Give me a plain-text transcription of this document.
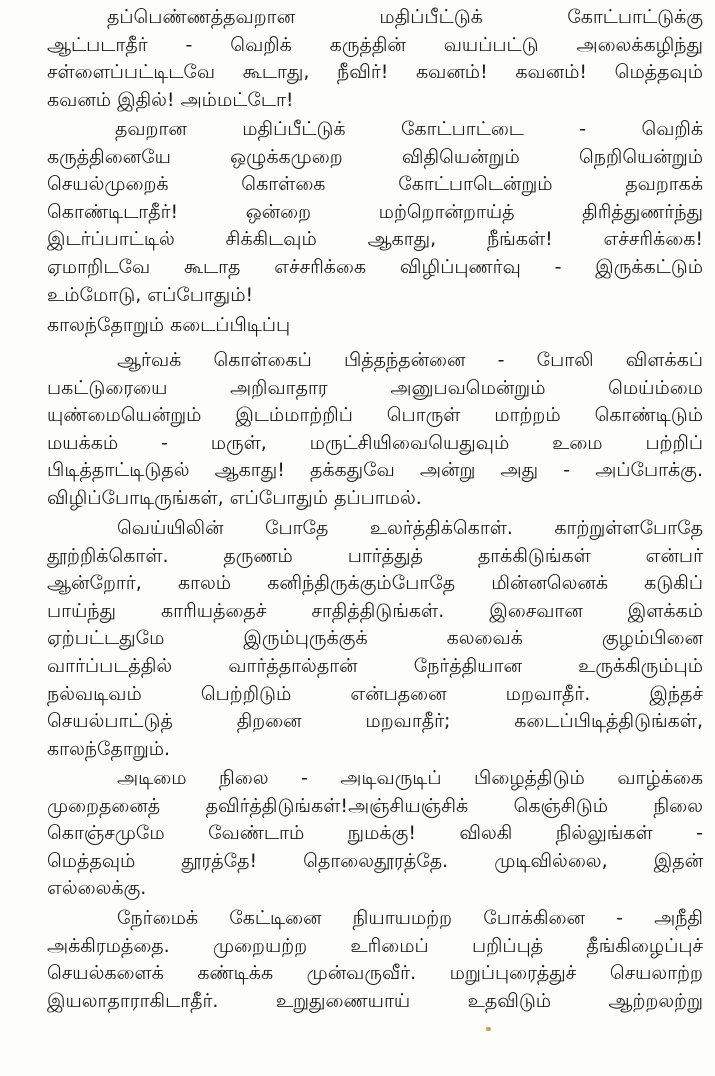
தப்பெண்ணத்தவறான மதிப்பீட்டுக் கோட்பாட்டுக்கு
ஆட்படாதீர் - வெறிக் கருத்தின் வயப்பட்டு அலைக்கழிந்து
சள்ளைப்பட்டிடவே கூடாது, நீவிர்! கவனம்! கவனம்! மெத்தவும்
கவனம் இதில்! அம்மட்டோ!
தவறான மதிப்பீட்டுக் கோட்பாட்டை - வெறிக்
கருத்தினையே ஒழுக்கமுறை விதியென்றும் நெறியென்றும்
செயல்முறைக் கொள்கை கோட்பாடென்றும் தவறாகக்
கொண்டிடாதீர்! ஒன்றை மற்றொன்றாய்த் திரித்துணர்ந்து
இடர்ப்பாட்டில் சிக்கிடவும் ஆகாது, நீங்கள்! எச்சரிக்கை!
ஏமாறிடவே கூடாத எச்சரிக்கை விழிப்புணர்வு - இருக்கட்டும்
உம்மோடு, எப்போதும்!
காலந்தோறும் கடைப்பிடிப்பு
ஆர்வக் கொள்கைப் பித்தந்தன்னை - போலி விளக்கப்
பகட்டுரையை அறிவாதார அனுபவமென்றும் மெய்ம்மை
யுண்மையென்றும் இடம்மாற்றிப் பொருள் மாற்றம் கொண்டிடும்
மயக்கம் - மருள், மருட்சியிவையெதுவும் உமை பற்றிப்
பிடித்தாட்டிடுதல் ஆகாது! தக்கதுவே அன்று அது - அப்போக்கு.
விழிப்போடிருங்கள், எப்போதும் தப்பாமல்.
வெய்யிலின் போதே உலர்த்திக்கொள். காற்றுள்ளபோதே
தூற்றிக்கொள். தருணம் பார்த்துத் தாக்கிடுங்கள் என்பர்
ஆன்றோர், காலம் கனிந்திருக்கும்போதே மின்னலெனக் கடுகிப்
பாய்ந்து காரியத்தைச் சாதித்திடுங்கள். இசைவான இளக்கம்
ஏற்பட்டதுமே இரும்புருக்குக் கலவைக் குழம்பினை
வார்ப்படத்தில் வார்த்தால்தான் நேர்த்தியான உருக்கிரும்பும்
நல்வடிவம் பெற்றிடும் என்பதனை மறவாதீர். இந்தச்
செயல்பாட்டுத் திறனை மறவாதீர்; கடைப்பிடித்திடுங்கள்,
காலந்தோறும்.
அடிமை நிலை - அடிவருடிப் பிழைத்திடும் வாழ்க்கை
முறைதனைத் தவிர்த்திடுங்கள்!அஞ்சியஞ்சிக் கெஞ்சிடும் நிலை
கொஞ்சமுமே வேண்டாம் நுமக்கு! விலகி நில்லுங்கள் -
மெத்தவும் தூரத்தே! தொலைதூரத்தே. முடிவில்லை, இதன்
எல்லைக்கு.
நேர்மைக் கேட்டினை நியாயமற்ற போக்கினை - அநீதி
அக்கிரமத்தை. முறையற்ற உரிமைப் பறிப்புத் தீங்கிழைப்புச்
செயல்களைக் கண்டிக்க முன்வருவீர். மறுப்புரைத்துச் செயலாற்ற
இயலாதாராகிடாதீர். உறுதுணையாய் உதவிடும் ஆற்றலற்று
